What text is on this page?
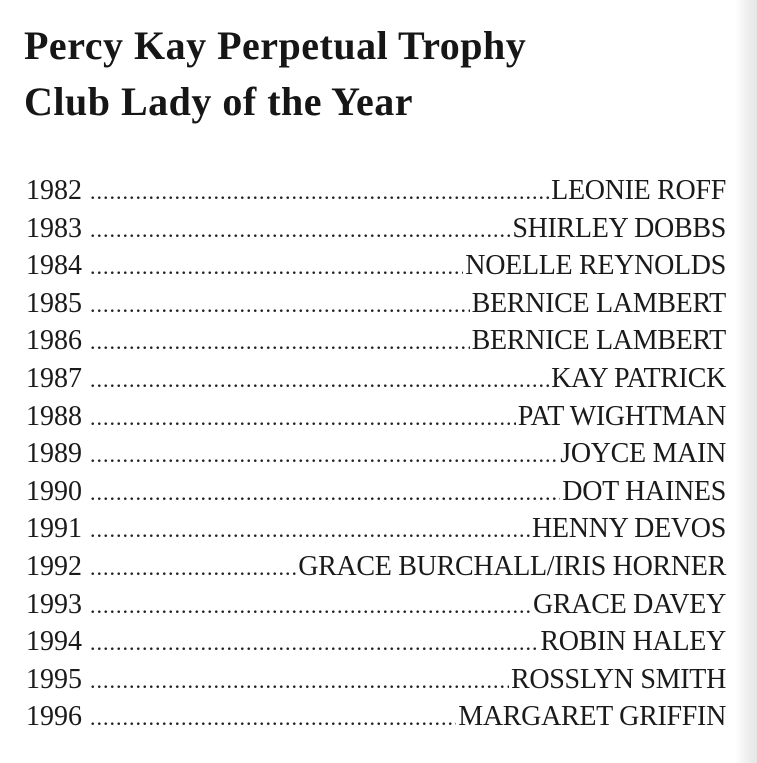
Percy Kay Perpetual Trophy
Club Lady of the Year
1982 .....	LEONIE ROFF
1983 .....	SHIRLEY DOBBS
1984 .....	NOELLE REYNOLDS
1985 .....	BERNICE LAMBERT
1986 .....	BERNICE LAMBERT
1987 .....	KAY PATRICK
1988 .....	PAT WIGHTMAN
1989 .....	JOYCE MAIN
1990 .....	DOT HAINES
1991 .....	HENNY DEVOS
1992 .....	GRACE BURCHALL/IRIS HORNER
1993 .....	GRACE DAVEY
1994 .....	ROBIN HALEY
1995 .....	ROSSLYN SMITH
1996 .....	MARGARET GRIFFIN
